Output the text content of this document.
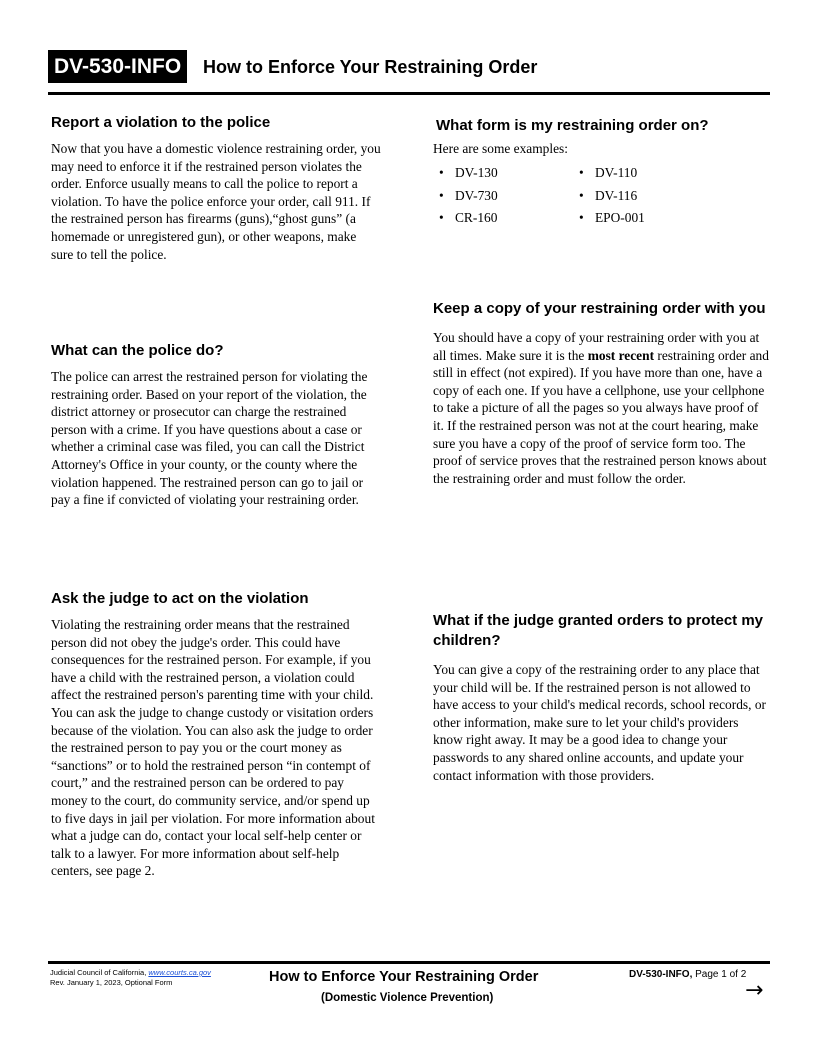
DV-530-INFO	How to Enforce Your Restraining Order
Report a violation to the police

Now that you have a domestic violence restraining order, you may need to enforce it if the restrained person violates the order. Enforce usually means to call the police to report a violation. To have the police enforce your order, call 911. If the restrained person has firearms (guns),“ghost guns” (a homemade or unregistered gun), or other weapons, make sure to tell the police.

What can the police do?

The police can arrest the restrained person for violating the restraining order. Based on your report of the violation, the district attorney or prosecutor can charge the restrained person with a crime. If you have questions about a case or whether a criminal case was filed, you can call the District Attorney's Office in your county, or the county where the violation happened. The restrained person can go to jail or pay a fine if convicted of violating your restraining order.

Ask the judge to act on the violation

Violating the restraining order means that the restrained person did not obey the judge's order. This could have consequences for the restrained person. For example, if you have a child with the restrained person, a violation could affect the restrained person's parenting time with your child. You can ask the judge to change custody or visitation orders because of the violation. You can also ask the judge to order the restrained person to pay you or the court money as “sanctions” or to hold the restrained person “in contempt of court,” and the restrained person can be ordered to pay money to the court, do community service, and/or spend up to five days in jail per violation. For more information about what a judge can do, contact your local self-help center or talk to a lawyer. For more information about self-help centers, see page 2.

What form is my restraining order on?

Here are some examples:

• DV-130	• DV-110
• DV-730	• DV-116
• CR-160	• EPO-001
Keep a copy of your restraining order with you

You should have a copy of your restraining order with you at all times. Make sure it is the most recent restraining order and still in effect (not expired). If you have more than one, have a copy of each one. If you have a cellphone, use your cellphone to take a picture of all the pages so you always have proof of it. If the restrained person was not at the court hearing, make sure you have a copy of the proof of service form too. The proof of service proves that the restrained person knows about the restraining order and must follow the order.

What if the judge granted orders to protect my children?

You can give a copy of the restraining order to any place that your child will be. If the restrained person is not allowed to have access to your child's medical records, school records, or other information, make sure to let your child's providers know right away. It may be a good idea to change your passwords to any shared online accounts, and update your contact information with those providers.

Judicial Council of California, www.courts.ca.gov
Rev. January 1, 2023, Optional Form	How to Enforce Your Restraining Order
(Domestic Violence Prevention)
DV-530-INFO, Page 1 of 2
→
